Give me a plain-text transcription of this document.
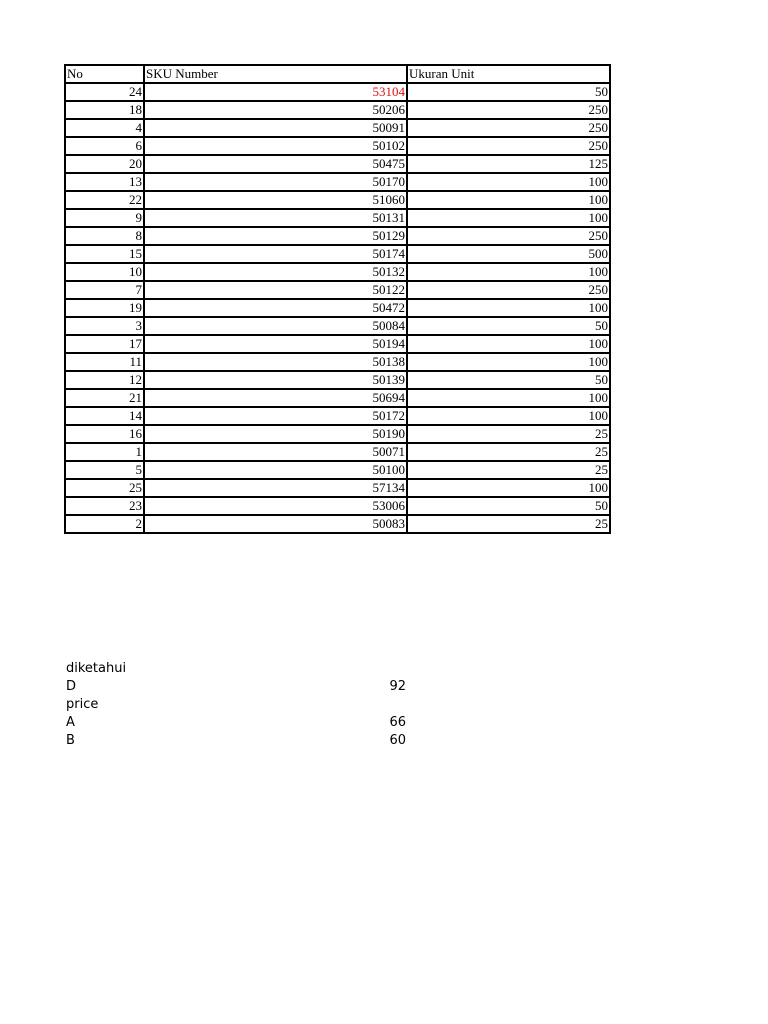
No	SKU Number	Ukuran Unit
24	53104	50
18	50206	250
4	50091	250
6	50102	250
20	50475	125
13	50170	100
22	51060	100
9	50131	100
8	50129	250
15	50174	500
10	50132	100
7	50122	250
19	50472	100
3	50084	50
17	50194	100
11	50138	100
12	50139	50
21	50694	100
14	50172	100
16	50190	25
1	50071	25
5	50100	25
25	57134	100
23	53006	50
2	50083	25
diketahui
D	92
price
A	66
B	60
